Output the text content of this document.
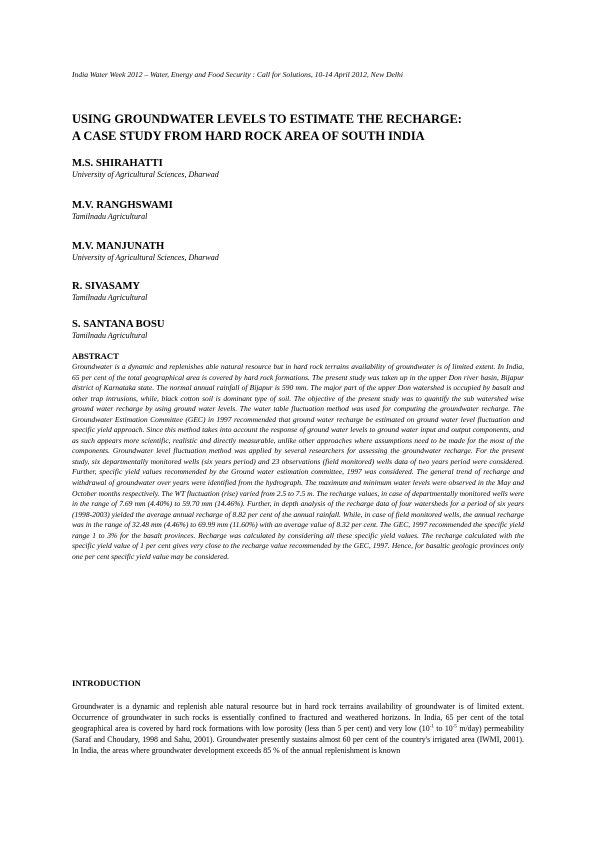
India Water Week 2012 – Water, Energy and Food Security : Call for Solutions, 10-14 April 2012, New Delhi
USING GROUNDWATER LEVELS TO ESTIMATE THE RECHARGE:
A CASE STUDY FROM HARD ROCK AREA OF SOUTH INDIA

M.S. SHIRAHATTI

University of Agricultural Sciences, Dharwad

M.V. RANGHSWAMI

Tamilnadu Agricultural

M.V. MANJUNATH

University of Agricultural Sciences, Dharwad

R. SIVASAMY

Tamilnadu Agricultural

S. SANTANA BOSU

Tamilnadu Agricultural

ABSTRACT

Groundwater is a dynamic and replenishes able natural resource but in hard rock terrains availability of groundwater is of limited extent. In India, 65 per cent of the total geographical area is covered by hard rock formations. The present study was taken up in the upper Don river basin, Bijapur district of Karnataka state. The normal annual rainfall of Bijapur is 590 mm. The major part of the upper Don watershed is occupied by basalt and other trap intrusions, while, black cotton soil is dominant type of soil. The objective of the present study was to quantify the sub watershed wise ground water recharge by using ground water levels. The water table fluctuation method was used for computing the groundwater recharge. The Groundwater Estimation Committee (GEC) in 1997 recommended that ground water recharge be estimated on ground water level fluctuation and specific yield approach. Since this method takes into account the response of ground water levels to ground water input and output components, and as such appears more scientific, realistic and directly measurable, unlike other approaches where assumptions need to be made for the most of the components. Groundwater level fluctuation method was applied by several researchers for assessing the groundwater recharge. For the present study, six departmentally monitored wells (six years period) and 23 observations (field monitored) wells data of two years period were considered. Further, specific yield values recommended by the Ground water estimation committee, 1997 was considered. The general trend of recharge and withdrawal of groundwater over years were identified from the hydrograph. The maximum and minimum water levels were observed in the May and October months respectively. The WT fluctuation (rise) varied from 2.5 to 7.5 m. The recharge values, in case of departmentally monitored wells were in the range of 7.69 mm (4.40%) to 59.70 mm (14.46%). Further, in depth analysis of the recharge data of four watersheds for a period of six years (1998-2003) yielded the average annual recharge of 8.82 per cent of the annual rainfall. While, in case of field monitored wells, the annual recharge was in the range of 32.48 mm (4.46%) to 69.99 mm (11.60%) with an average value of 8.32 per cent. The GEC, 1997 recommended the specific yield range 1 to 3% for the basalt provinces. Recharge was calculated by considering all these specific yield values. The recharge calculated with the specific yield value of 1 per cent gives very close to the recharge value recommended by the GEC, 1997. Hence, for basaltic geologic provinces only one per cent specific yield value may be considered.

INTRODUCTION

Groundwater is a dynamic and replenish able natural resource but in hard rock terrains availability of groundwater is of limited extent. Occurrence of groundwater in such rocks is essentially confined to fractured and weathered horizons. In India, 65 per cent of the total geographical area is covered by hard rock formations with low porosity (less than 5 per cent) and very low ($10^{-1}$ to $10^{-5}$ m/day) permeability (Saraf and Choudary, 1998 and Sahu, 2001). Groundwater presently sustains almost 60 per cent of the country's irrigated area (IWMI, 2001). In India, the areas where groundwater development exceeds 85 % of the annual replenishment is known
